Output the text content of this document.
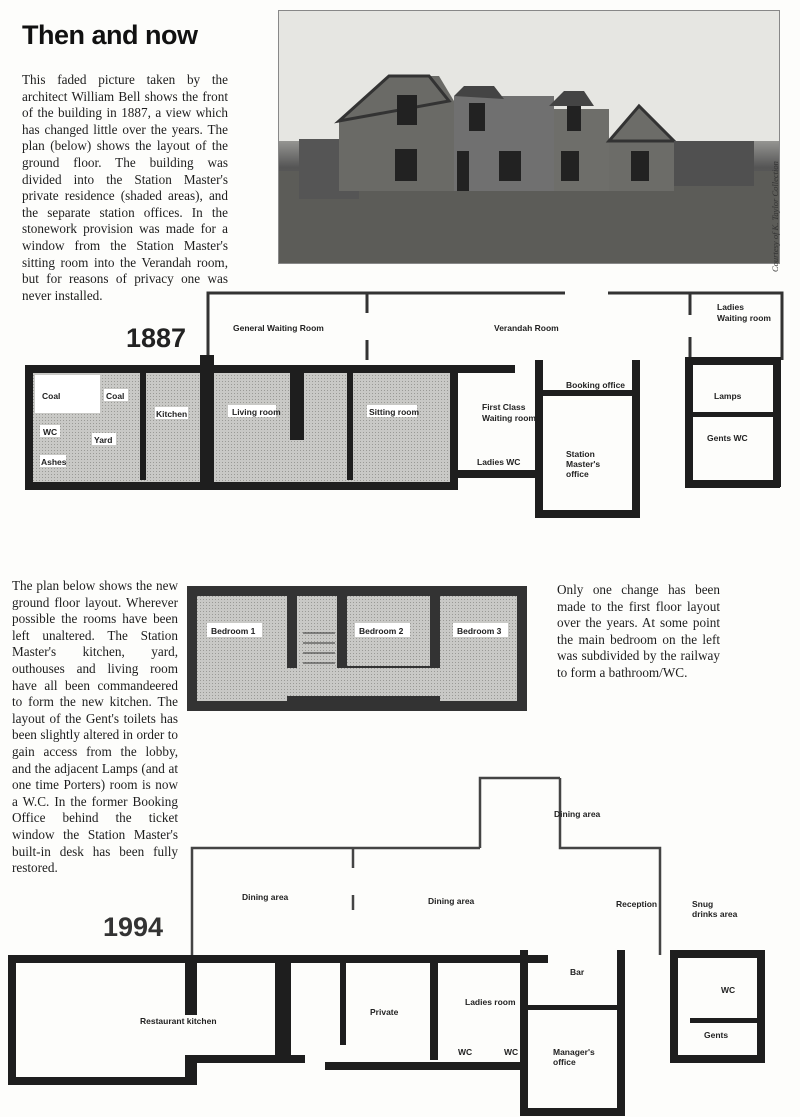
Then and now
This faded picture taken by the architect William Bell shows the front of the building in 1887, a view which has changed little over the years. The plan (below) shows the layout of the ground floor. The building was divided into the Station Master's private residence (shaded areas), and the separate station offices. In the stonework provision was made for a window from the Station Master's sitting room into the Verandah room, but for reasons of privacy one was never installed.
Courtesy of K. Taylor Collection
1887
Coal	Coal
WC
Yard
Ashes
Kitchen	Living room	Sitting room
General Waiting Room	Verandah Room
First Class
Waiting room
Ladies WC
Booking office
Station
Master's
office
Ladies
Waiting room
Lamps
Gents WC
Bedroom 1	Bedroom 2	Bedroom 3
Only one change has been made to the first floor layout over the years. At some point the main bedroom on the left was subdivided by the railway to form a bathroom/WC.
The plan below shows the new ground floor layout. Wherever possible the rooms have been left unaltered. The Station Master's kitchen, yard, outhouses and living room have all been commandeered to form the new kitchen. The layout of the Gent's toilets has been slightly altered in order to gain access from the lobby, and the adjacent Lamps (and at one time Porters) room is now a W.C. In the former Booking Office behind the ticket window the Station Master's built-in desk has been fully restored.
1994
Dining area	Dining area
Dining area
Reception	Snug
drinks area
Restaurant kitchen
Private
Ladies room
WC	WC
Bar
Manager's
office
WC
Gents
